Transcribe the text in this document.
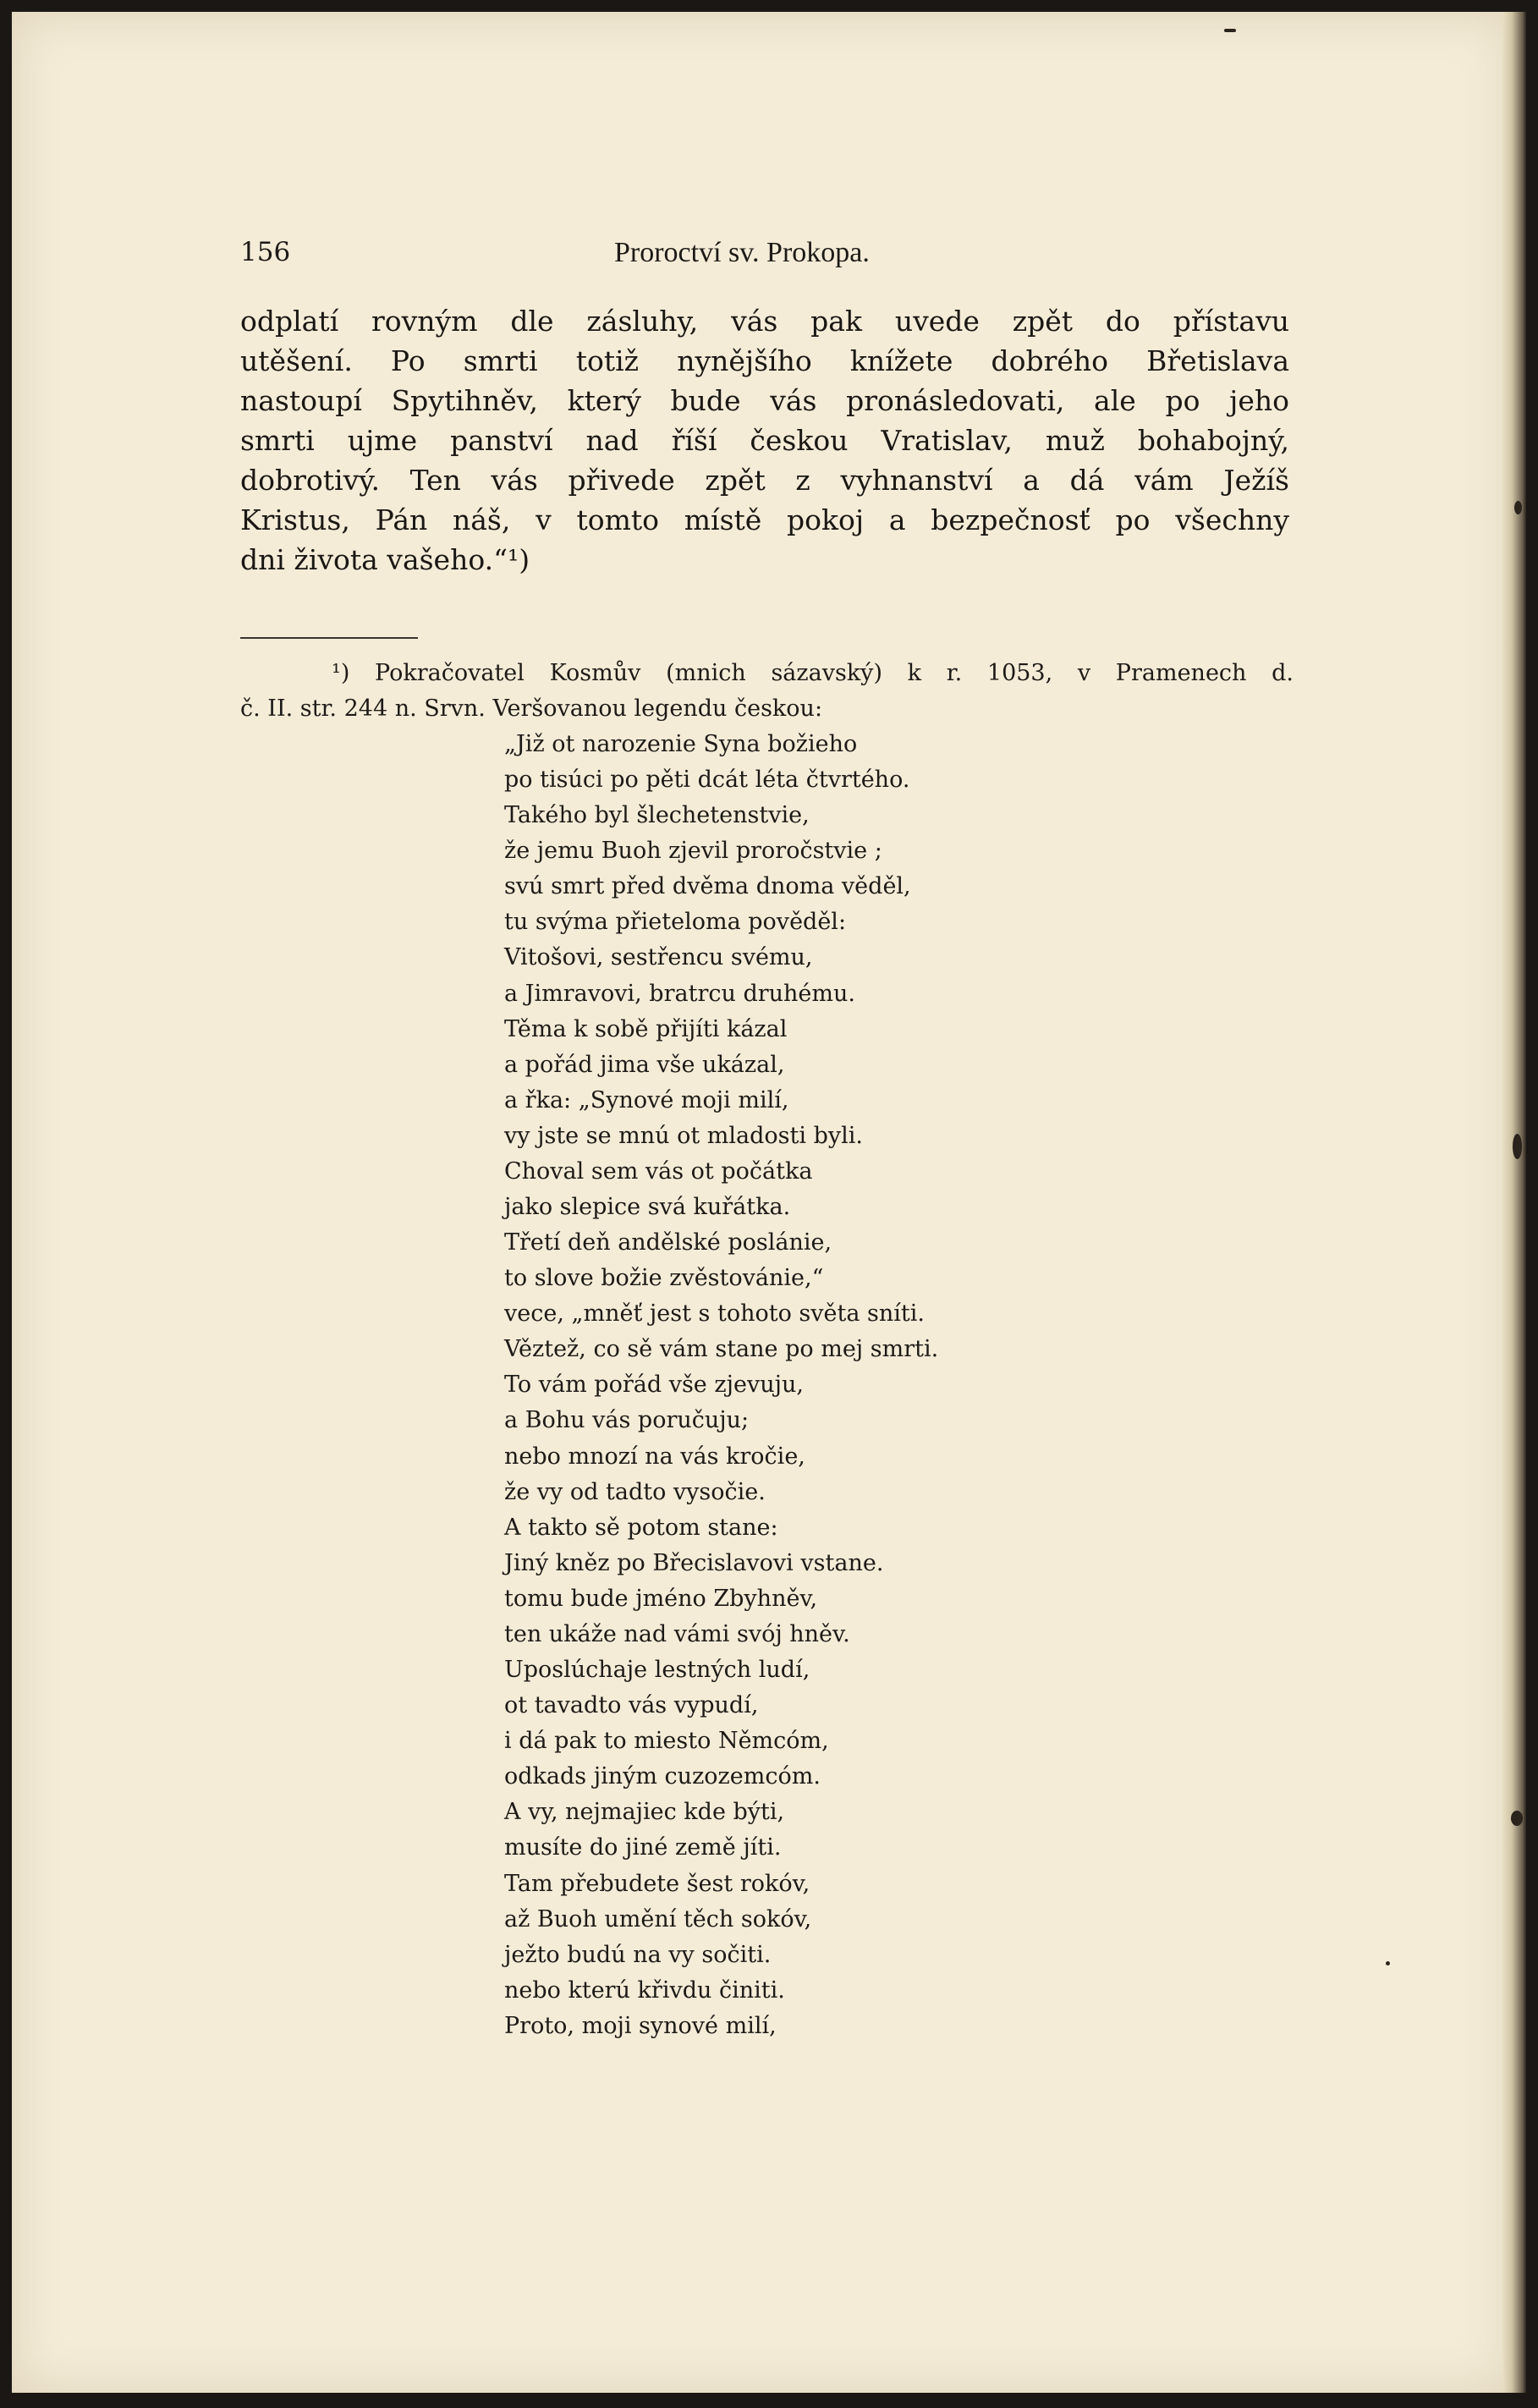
156	Proroctví sv. Prokopa.
odplatí rovným dle zásluhy, vás pak uvede zpět do přístavu
utěšení. Po smrti totiž nynějšího knížete dobrého Břetislava
nastoupí Spytihněv, který bude vás pronásledovati, ale po jeho
smrti ujme panství nad říší českou Vratislav, muž bohabojný,
dobrotivý. Ten vás přivede zpět z vyhnanství a dá vám Ježíš
Kristus, Pán náš, v tomto místě pokoj a bezpečnosť po všechny
dni života vašeho.“¹)
¹) Pokračovatel Kosmův (mnich sázavský) k r. 1053, v Pramenech d.
č. II. str. 244 n. Srvn. Veršovanou legendu českou:
„Již ot narozenie Syna božieho
po tisúci po pěti dcát léta čtvrtého.
Takého byl šlechetenstvie,
že jemu Buoh zjevil proročstvie ;
svú smrt před dvěma dnoma věděl,
tu svýma přieteloma pověděl:
Vitošovi, sestřencu svému,
a Jimravovi, bratrcu druhému.
Těma k sobě přijíti kázal
a pořád jima vše ukázal,
a řka: „Synové moji milí,
vy jste se mnú ot mladosti byli.
Choval sem vás ot počátka
jako slepice svá kuřátka.
Třetí deň andělské poslánie,
to slove božie zvěstovánie,“
vece, „mněť jest s tohoto světa sníti.
Věztež, co sě vám stane po mej smrti.
To vám pořád vše zjevuju,
a Bohu vás poručuju;
nebo mnozí na vás kročie,
že vy od tadto vysočie.
A takto sě potom stane:
Jiný kněz po Břecislavovi vstane.
tomu bude jméno Zbyhněv,
ten ukáže nad vámi svój hněv.
Uposlúchaje lestných ludí,
ot tavadto vás vypudí,
i dá pak to miesto Němcóm,
odkads jiným cuzozemcóm.
A vy, nejmajiec kde býti,
musíte do jiné země jíti.
Tam přebudete šest rokóv,
až Buoh umění těch sokóv,
ježto budú na vy sočiti.
nebo kterú křivdu činiti.
Proto, moji synové milí,
